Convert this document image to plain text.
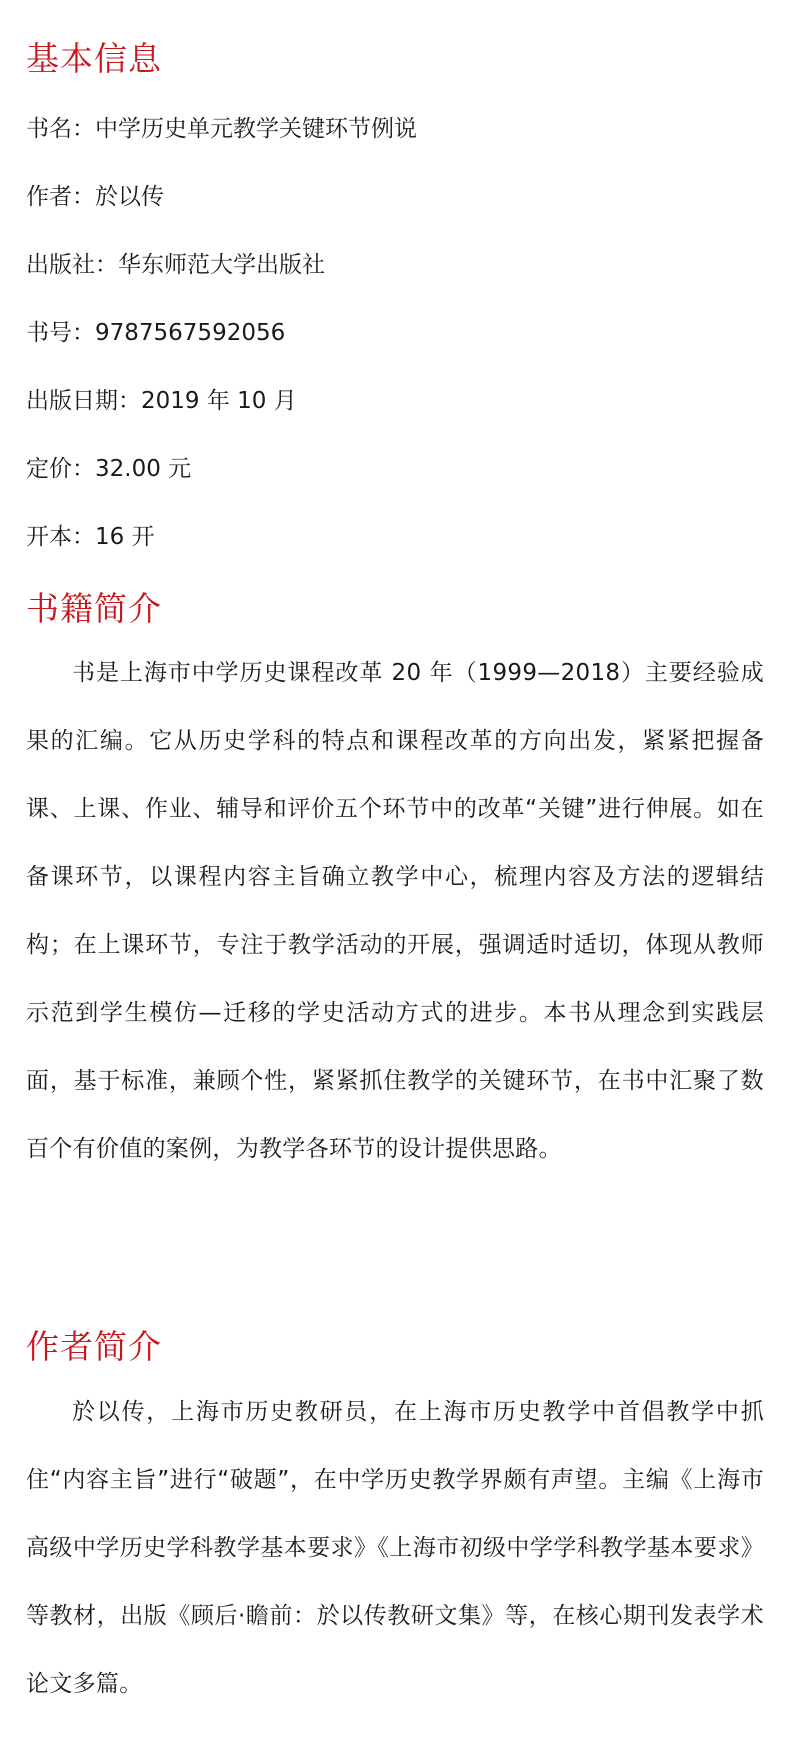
基本信息
书名：中学历史单元教学关键环节例说
作者：於以传
出版社：华东师范大学出版社
书号：9787567592056
出版日期：2019 年 10 月
定价：32.00 元
开本：16 开
书籍简介

书是上海市中学历史课程改革 20 年（1999—2018）主要经验成果的汇编。它从历史学科的特点和课程改革的方向出发，紧紧把握备课、上课、作业、辅导和评价五个环节中的改革“关键”进行伸展。如在备课环节，以课程内容主旨确立教学中心，梳理内容及方法的逻辑结构；在上课环节，专注于教学活动的开展，强调适时适切，体现从教师示范到学生模仿—迁移的学史活动方式的进步。本书从理念到实践层面，基于标准，兼顾个性，紧紧抓住教学的关键环节，在书中汇聚了数百个有价值的案例，为教学各环节的设计提供思路。

作者简介

於以传，上海市历史教研员，在上海市历史教学中首倡教学中抓住“内容主旨”进行“破题”，在中学历史教学界颇有声望。主编《上海市高级中学历史学科教学基本要求》《上海市初级中学学科教学基本要求》等教材，出版《顾后·瞻前：於以传教研文集》等，在核心期刊发表学术论文多篇。
